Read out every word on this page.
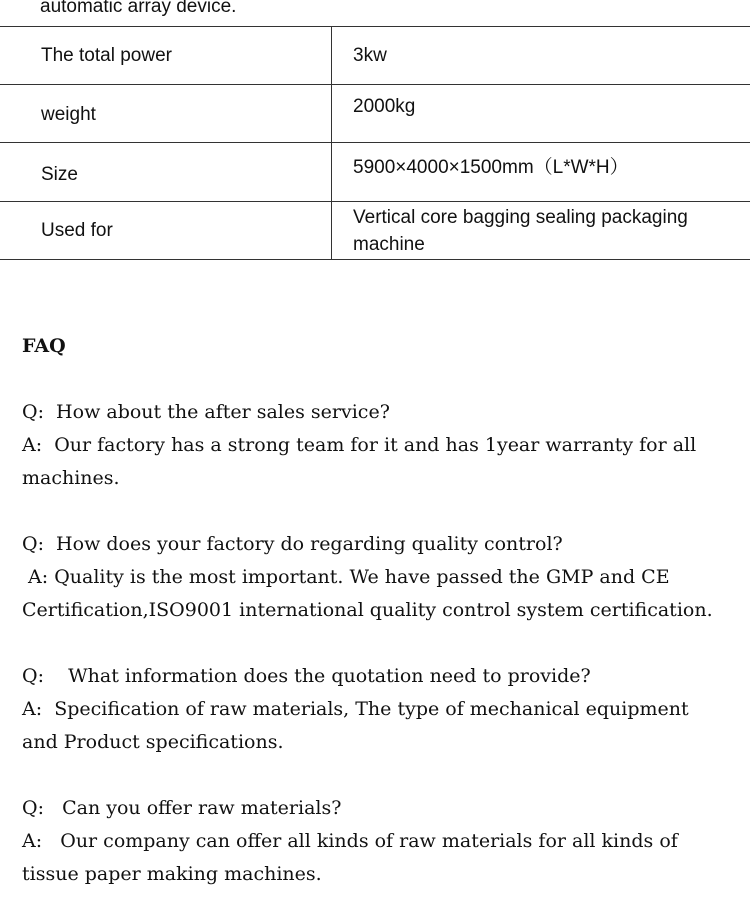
automatic array device.
The total power	3kw

weight	2000kg

Size	5900×4000×1500mm（L*W*H）

Used for	Vertical core bagging sealing packaging machine
FAQ
Q:  How about the after sales service?
A:  Our factory has a strong team for it and has 1year warranty for all machines.
Q:  How does your factory do regarding quality control?
A: Quality is the most important. We have passed the GMP and CE Certification,ISO9001 international quality control system certification.
Q:    What information does the quotation need to provide?
A:  Specification of raw materials, The type of mechanical equipment and Product specifications.
Q:   Can you offer raw materials?
A:   Our company can offer all kinds of raw materials for all kinds of tissue paper making machines.
